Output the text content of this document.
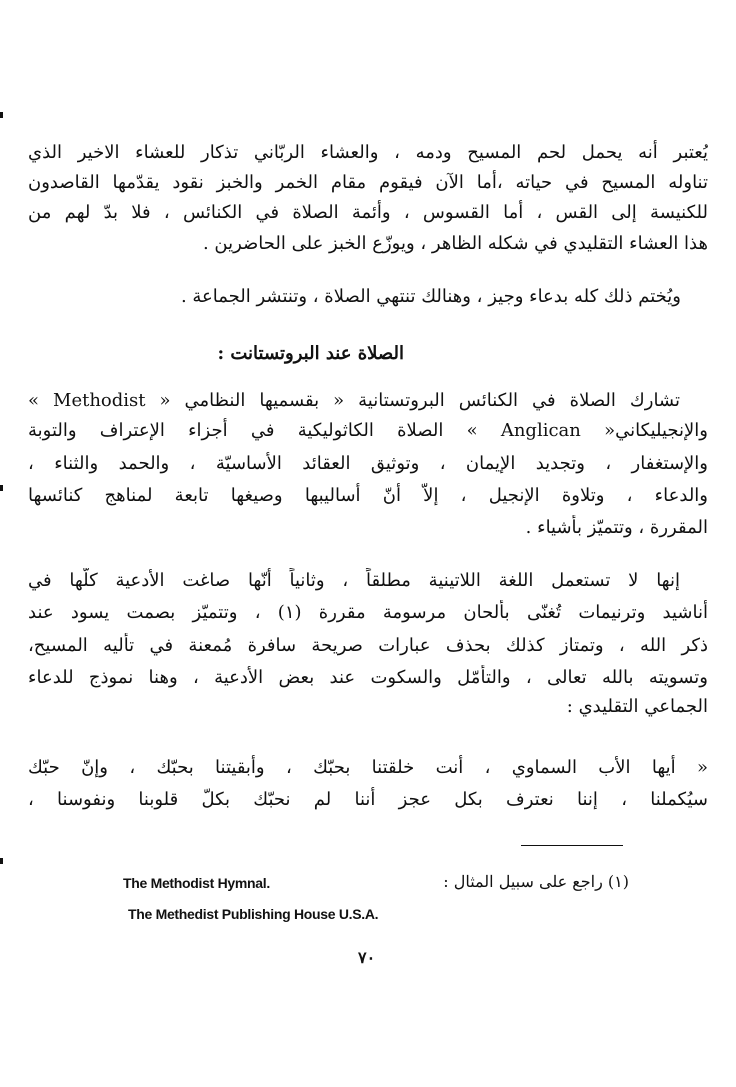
يُعتبر أنه يحمل لحم المسيح ودمه ، والعشاء الربّاني تذكار للعشاء الاخير الذي
تناوله المسيح في حياته ،أما الآن فيقوم مقام الخمر والخبز نقود يقدّمها القاصدون
للكنيسة إلى القس ، أما القسوس ، وأئمة الصلاة في الكنائس ، فلا بدّ لهم من
هذا العشاء التقليدي في شكله الظاهر ، ويوزّع الخبز على الحاضرين .
ويُختم ذلك كله بدعاء وجيز ، وهنالك تنتهي الصلاة ، وتنتشر الجماعة .
الصلاة عند البروتستانت :
تشارك الصلاة في الكنائس البروتستانية « بقسميها النظامي « Methodist »
والإنجيليكاني« Anglican » الصلاة الكاثوليكية في أجزاء الإعتراف والتوبة
والإستغفار ، وتجديد الإيمان ، وتوثيق العقائد الأساسيّة ، والحمد والثناء ،
والدعاء ، وتلاوة الإنجيل ، إلاّ أنّ أساليبها وصيغها تابعة لمناهج كنائسها
المقررة ، وتتميّز بأشياء .
إنها لا تستعمل اللغة اللاتينية مطلقاً ، وثانياً أنّها صاغت الأدعية كلّها في
أناشيد وترنيمات تُغنّى بألحان مرسومة مقررة (١) ، وتتميّز بصمت يسود عند
ذكر الله ، وتمتاز كذلك بحذف عبارات صريحة سافرة مُمعنة في تأليه المسيح،
وتسويته بالله تعالى ، والتأمّل والسكوت عند بعض الأدعية ، وهنا نموذج للدعاء
الجماعي التقليدي :
« أيها الأب السماوي ، أنت خلقتنا بحبّك ، وأبقيتنا بحبّك ، وإنّ حبّك
سيُكملنا ، إننا نعترف بكل عجز أننا لم نحبّك بكلّ قلوبنا ونفوسنا ،
(١) راجع على سبيل المثال :
The Methodist Hymnal.
The Methedist Publishing House U.S.A.
٧٠
